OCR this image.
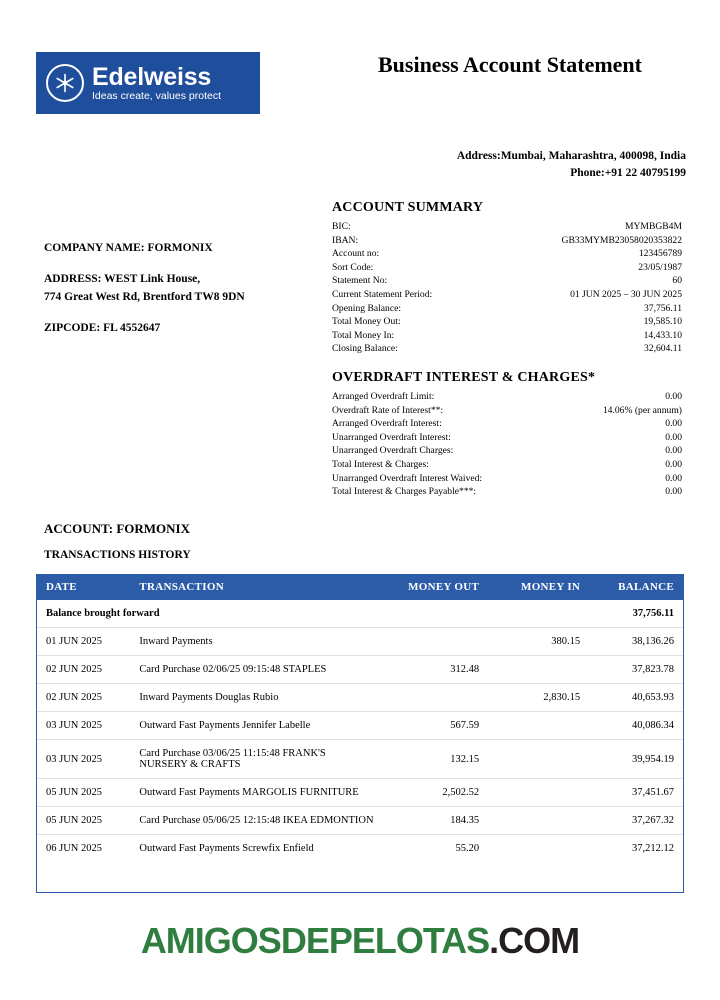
Edelweiss
Ideas create, values protect
Business Account Statement
Address:Mumbai, Maharashtra, 400098, India
Phone:+91 22 40795199
COMPANY NAME: FORMONIX
ADDRESS: WEST Link House,
774 Great West Rd, Brentford TW8 9DN
ZIPCODE: FL 4552647
ACCOUNT SUMMARY
BIC:	MYMBGB4M
IBAN:	GB33MYMB23058020353822
Account no:	123456789
Sort Code:	23/05/1987
Statement No:	60
Current Statement Period:	01 JUN 2025 – 30 JUN 2025
Opening Balance:	37,756.11
Total Money Out:	19,585.10
Total Money In:	14,433.10
Closing Balance:	32,604.11
OVERDRAFT INTEREST & CHARGES*
Arranged Overdraft Limit:	0.00
Overdraft Rate of Interest**:	14.06% (per annum)
Arranged Overdraft Interest:	0.00
Unarranged Overdraft Interest:	0.00
Unarranged Overdraft Charges:	0.00
Total Interest & Charges:	0.00
Unarranged Overdraft Interest Waived:	0.00
Total Interest & Charges Payable***:	0.00
ACCOUNT: FORMONIX
TRANSACTIONS HISTORY
DATE	TRANSACTION	MONEY OUT	MONEY IN	BALANCE
Balance brought forward				37,756.11
01 JUN 2025	Inward Payments		380.15	38,136.26
02 JUN 2025	Card Purchase 02/06/25 09:15:48 STAPLES	312.48		37,823.78
02 JUN 2025	Inward Payments Douglas Rubio		2,830.15	40,653.93
03 JUN 2025	Outward Fast Payments Jennifer Labelle	567.59		40,086.34
03 JUN 2025	Card Purchase 03/06/25 11:15:48 FRANK'S NURSERY & CRAFTS	132.15		39,954.19
05 JUN 2025	Outward Fast Payments MARGOLIS FURNITURE	2,502.52		37,451.67
05 JUN 2025	Card Purchase 05/06/25 12:15:48 IKEA EDMONTION	184.35		37,267.32
06 JUN 2025	Outward Fast Payments Screwfix Enfield	55.20		37,212.12
AMIGOSDEPELOTAS.COM
